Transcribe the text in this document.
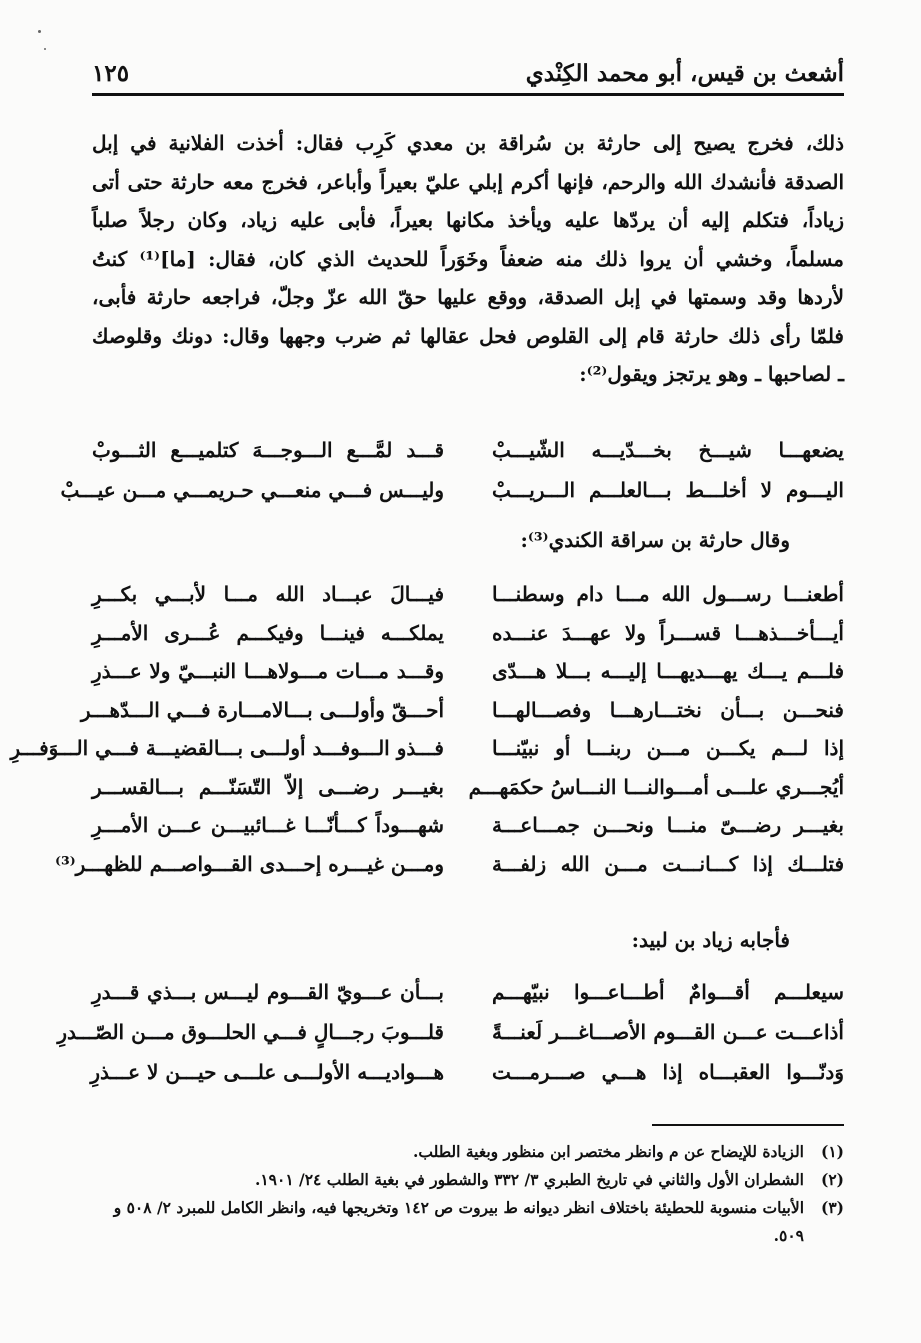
أشعث بن قيس، أبو محمد الكِنْدي
١٢٥
ذلك، فخرج يصيح إلى حارثة بن سُراقة بن معدي كَرِب فقال: أخذت الفلانية في إبل
الصدقة فأنشدك الله والرحم، فإنها أكرم إبلي عليّ بعيراً وأباعر، فخرج معه حارثة حتى أتى
زياداً، فتكلم إليه أن يردّها عليه ويأخذ مكانها بعيراً، فأبى عليه زياد، وكان رجلاً صلباً
مسلماً، وخشي أن يروا ذلك منه ضعفاً وخَوَراً للحديث الذي كان، فقال: [ما]⁽¹⁾ كنتُ
لأردها وقد وسمتها في إبل الصدقة، ووقع عليها حقّ الله عزّ وجلّ، فراجعه حارثة فأبى،
فلمّا رأى ذلك حارثة قام إلى القلوص فحل عقالها ثم ضرب وجهها وقال: دونك وقلوصك
ـ لصاحبها ـ وهو يرتجز ويقول⁽²⁾:
يضعهـــا شيـــخ بخـــدّيـــه الشّيـــبْ
قـــد لمَّـــع الـــوجـــهَ كتلميـــع الثـــوبْ
اليـــوم لا أخلـــط بـــالعلـــم الـــريـــبْ
وليـــس فـــي منعـــي حـريمـــي مـــن عيـــبْ
وقال حارثة بن سراقة الكندي⁽³⁾:
أطعنـــا رســـول الله مـــا دام وسطنـــا
فيـــالَ عبـــاد الله مـــا لأبـــي بكـــرِ
أيـــأخـــذهـــا قســـراً ولا عهـــدَ عنـــده
يملكـــه فينـــا وفيكـــم عُـــرى الأمـــرِ
فلـــم يـــك يهـــديهـــا إليـــه بـــلا هـــدّى
وقـــد مـــات مـــولاهـــا النبـــيّ ولا عـــذرِ
فنحـــن بـــأن نختـــارهـــا وفصـــالهـــا
أحـــقّ وأولـــى بـــالامـــارة فـــي الـــدّهـــر
إذا لـــم يكـــن مـــن ربنـــا أو نبيّنـــا
فـــذو الـــوفـــد أولـــى بـــالقضيـــة فـــي الـــوَفـــرِ
أيُجـــري علـــى أمـــوالنـــا النـــاسُ حكمَهـــم
بغيـــر رضـــى إلاّ التّسَنّـــم بـــالقســـر
بغيـــر رضـــىّ منـــا ونحـــن جمـــاعـــة
شهـــوداً كـــأنّـــا غـــائبيـــن عـــن الأمـــرِ
فتلـــك إذا كـــانـــت مـــن الله زلفـــة
ومـــن غيـــره إحـــدى القـــواصـــم للظهـــر⁽³⁾
فأجابه زياد بن لبيد:
سيعلـــم أقـــوامٌ أطـــاعـــوا نبيّهـــم
بـــأن عـــويّ القـــوم ليـــس بـــذي قـــدرِ
أذاعـــت عـــن القـــوم الأصـــاغـــر لَعنـــةً
قلـــوبَ رجـــالٍ فـــي الحلـــوق مـــن الصّـــدرِ
وَدنّـــوا العقبـــاه إذا هـــي صـــرمـــت
هـــواديـــه الأولـــى علـــى حيـــن لا عـــذرِ
(١)
الزيادة للإيضاح عن م وانظر مختصر ابن منظور وبغية الطلب.
(٢)
الشطران الأول والثاني في تاريخ الطبري ٣/ ٣٣٢ والشطور في بغية الطلب ٢٤/ ١٩٠١.
(٣)
الأبيات منسوبة للحطيئة باختلاف انظر ديوانه ط بيروت ص ١٤٢ وتخريجها فيه، وانظر الكامل للمبرد ٢/ ٥٠٨ و ٥٠٩.
